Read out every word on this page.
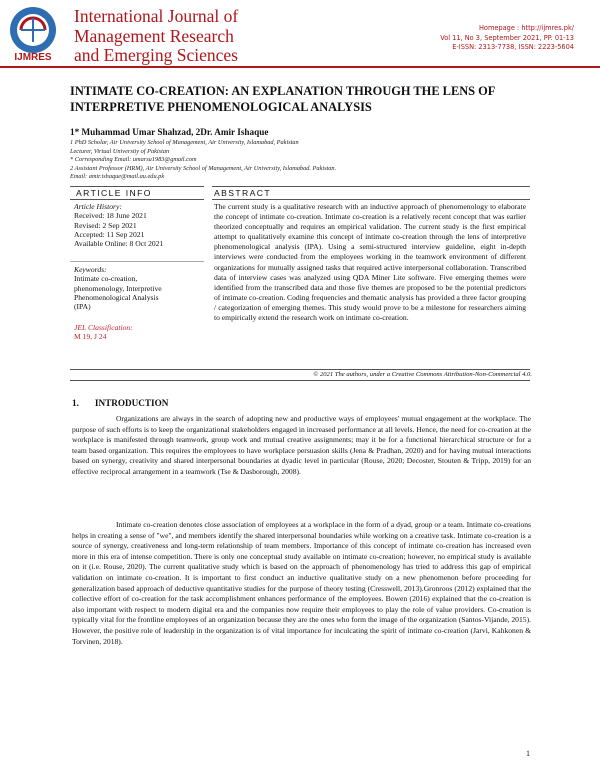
IJMRES
International Journal of
Management Research
and Emerging Sciences
Homepage : http://ijmres.pk/
Vol 11, No 3, September 2021, PP. 01-13
E-ISSN: 2313-7738, ISSN: 2223-5604
INTIMATE CO-CREATION: AN EXPLANATION THROUGH THE LENS OF
INTERPRETIVE PHENOMENOLOGICAL ANALYSIS
1* Muhammad Umar Shahzad, 2Dr. Amir Ishaque
1 PhD Scholar, Air University School of Management, Air University, Islamabad, Pakistan
Lecturer, Virtual University of Pakistan
* Corresponding Email: umarsu1983@gmail.com
2 Assistant Professor (HRM), Air University School of Management, Air University, Islamabad. Pakistan.
Email: amir.ishaque@mail.au.edu.pk
ARTICLE INFO	ABSTRACT
Article History:
Received: 18 June 2021
Revised: 2 Sep 2021
Accepted: 11 Sep 2021
Available Online: 8 Oct 2021
Keywords:
Intimate co-creation,
phenomenology, Interpretive
Phenomenological Analysis
(IPA)
JEL Classification:
M 19, J 24
The current study is a qualitative research with an inductive approach of phenomenology to elaborate the concept of intimate co-creation. Intimate co-creation is a relatively recent concept that was earlier theorized conceptually and requires an empirical validation. The current study is the first empirical attempt to qualitatively examine this concept of intimate co-creation through the lens of interpretive phenomenological analysis (IPA). Using a semi-structured interview guideline, eight in-depth interviews were conducted from the employees working in the teamwork environment of different organizations for mutually assigned tasks that required active interpersonal collaboration. Transcribed data of interview cases was analyzed using QDA Miner Lite software. Five emerging themes were identified from the transcribed data and those five themes are proposed to be the potential predictors of intimate co-creation. Coding frequencies and thematic analysis has provided a three factor grouping / categorization of emerging themes. This study would prove to be a milestone for researchers aiming to empirically extend the research work on intimate co-creation.
© 2021 The authors, under a Creative Commons Attribution-Non-Commercial 4.0.
1. INTRODUCTION
Organizations are always in the search of adopting new and productive ways of employees' mutual engagement at the workplace. The purpose of such efforts is to keep the organizational stakeholders engaged in increased performance at all levels. Hence, the need for co-creation at the workplace is manifested through teamwork, group work and mutual creative assignments; may it be for a functional hierarchical structure or for a team based organization. This requires the employees to have workplace persuasion skills (Jena & Pradhan, 2020) and for having mutual interactions based on synergy, creativity and shared interpersonal boundaries at dyadic level in particular (Rouse, 2020; Decoster, Stouten & Tripp, 2019) for an effective reciprocal arrangement in a teamwork (Tse & Dasborough, 2008).
Intimate co-creation denotes close association of employees at a workplace in the form of a dyad, group or a team. Intimate co-creations helps in creating a sense of "we", and members identify the shared interpersonal boundaries while working on a creative task. Intimate co-creation is a source of synergy, creativeness and long-term relationship of team members. Importance of this concept of intimate co-creation has increased even more in this era of intense competition. There is only one conceptual study available on intimate co-creation; however, no empirical study is available on it (i.e. Rouse, 2020). The current qualitative study which is based on the approach of phenomenology has tried to address this gap of empirical validation on intimate co-creation. It is important to first conduct an inductive qualitative study on a new phenomenon before proceeding for generalization based approach of deductive quantitative studies for the purpose of theory testing (Cresswell, 2013).Gronroos (2012) explained that the collective effort of co-creation for the task accomplishment enhances performance of the employees. Bowen (2016) explained that the co-creation is also important with respect to modern digital era and the companies now require their employees to play the role of value providers. Co-creation is typically vital for the frontline employees of an organization because they are the ones who form the image of the organization (Santos-Vijande, 2015). However, the positive role of leadership in the organization is of vital importance for inculcating the spirit of intimate co-creation (Jarvi, Kahkonen & Torvinen, 2018).
1
